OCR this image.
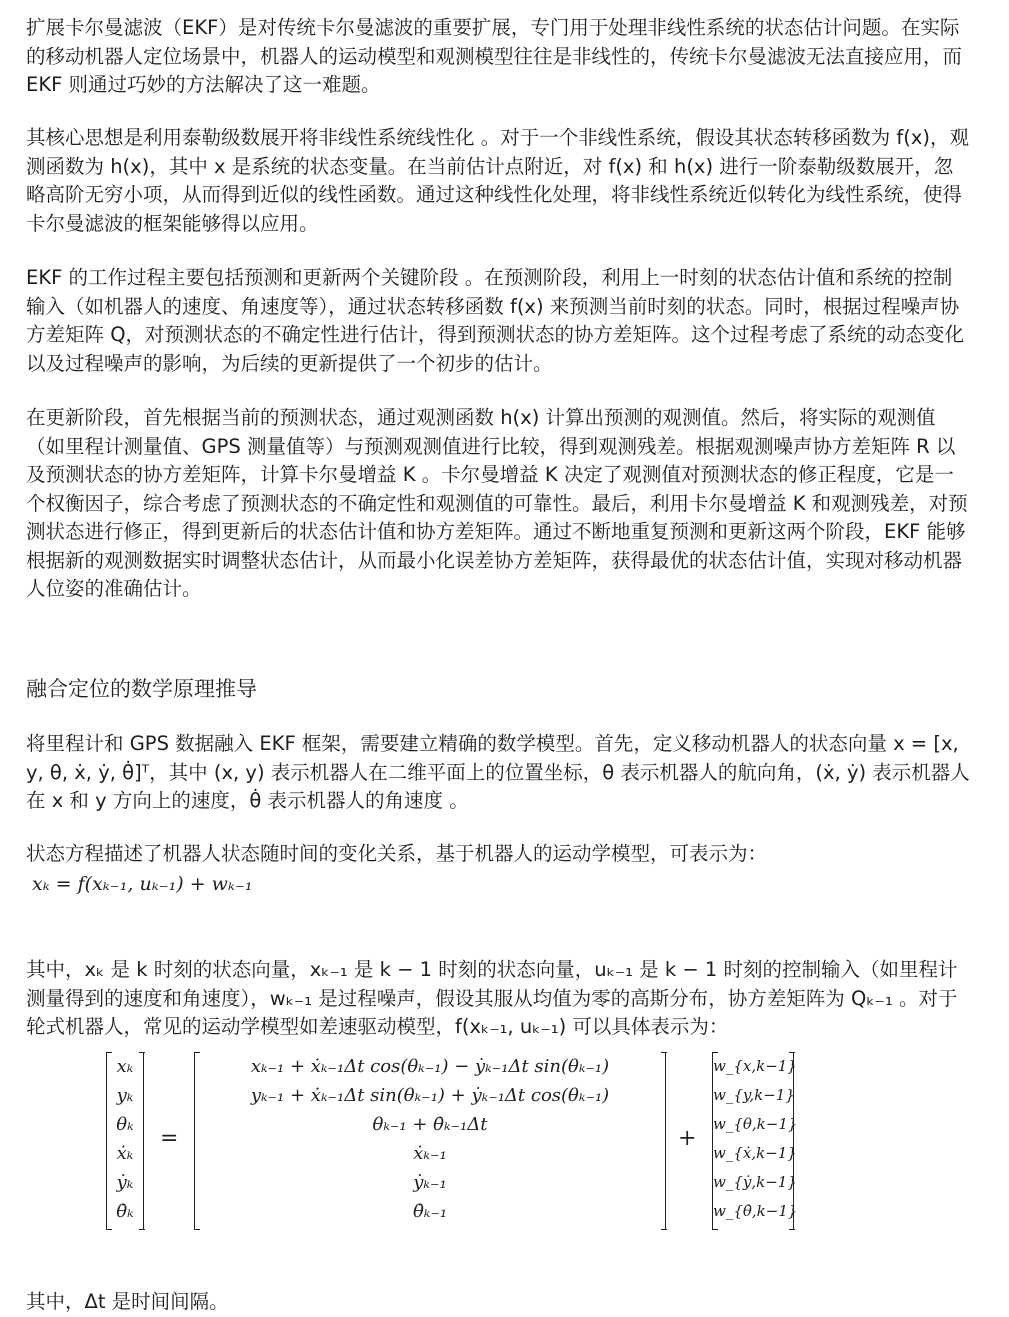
扩展卡尔曼滤波（EKF）是对传统卡尔曼滤波的重要扩展，专门用于处理非线性系统的状态估计问题。在实际的移动机器人定位场景中，机器人的运动模型和观测模型往往是非线性的，传统卡尔曼滤波无法直接应用，而 EKF 则通过巧妙的方法解决了这一难题。

其核心思想是利用泰勒级数展开将非线性系统线性化 。对于一个非线性系统，假设其状态转移函数为 f(x)，观测函数为 h(x)，其中 x 是系统的状态变量。在当前估计点附近，对 f(x) 和 h(x) 进行一阶泰勒级数展开，忽略高阶无穷小项，从而得到近似的线性函数。通过这种线性化处理，将非线性系统近似转化为线性系统，使得卡尔曼滤波的框架能够得以应用。

EKF 的工作过程主要包括预测和更新两个关键阶段 。在预测阶段，利用上一时刻的状态估计值和系统的控制输入（如机器人的速度、角速度等），通过状态转移函数 f(x) 来预测当前时刻的状态。同时，根据过程噪声协方差矩阵 Q，对预测状态的不确定性进行估计，得到预测状态的协方差矩阵。这个过程考虑了系统的动态变化以及过程噪声的影响，为后续的更新提供了一个初步的估计。

在更新阶段，首先根据当前的预测状态，通过观测函数 h(x) 计算出预测的观测值。然后，将实际的观测值（如里程计测量值、GPS 测量值等）与预测观测值进行比较，得到观测残差。根据观测噪声协方差矩阵 R 以及预测状态的协方差矩阵，计算卡尔曼增益 K 。卡尔曼增益 K 决定了观测值对预测状态的修正程度，它是一个权衡因子，综合考虑了预测状态的不确定性和观测值的可靠性。最后，利用卡尔曼增益 K 和观测残差，对预测状态进行修正，得到更新后的状态估计值和协方差矩阵。通过不断地重复预测和更新这两个阶段，EKF 能够根据新的观测数据实时调整状态估计，从而最小化误差协方差矩阵，获得最优的状态估计值，实现对移动机器人位姿的准确估计。

融合定位的数学原理推导

将里程计和 GPS 数据融入 EKF 框架，需要建立精确的数学模型。首先，定义移动机器人的状态向量 x = [x, y, θ, ẋ, ẏ, θ̇]ᵀ，其中 (x, y) 表示机器人在二维平面上的位置坐标，θ 表示机器人的航向角，(ẋ, ẏ) 表示机器人在 x 和 y 方向上的速度，θ̇ 表示机器人的角速度 。

状态方程描述了机器人状态随时间的变化关系，基于机器人的运动学模型，可表示为：

xₖ = f(xₖ₋₁, uₖ₋₁) + wₖ₋₁

其中，xₖ 是 k 时刻的状态向量，xₖ₋₁ 是 k − 1 时刻的状态向量，uₖ₋₁ 是 k − 1 时刻的控制输入（如里程计测量得到的速度和角速度），wₖ₋₁ 是过程噪声，假设其服从均值为零的高斯分布，协方差矩阵为 Qₖ₋₁ 。对于轮式机器人，常见的运动学模型如差速驱动模型，f(xₖ₋₁, uₖ₋₁) 可以具体表示为：

其中，Δt 是时间间隔。

xₖ
yₖ
θₖ
ẋₖ
ẏₖ
θ̇ₖ
=
xₖ₋₁ + ẋₖ₋₁Δt cos(θₖ₋₁) − ẏₖ₋₁Δt sin(θₖ₋₁)
yₖ₋₁ + ẋₖ₋₁Δt sin(θₖ₋₁) + ẏₖ₋₁Δt cos(θₖ₋₁)
θₖ₋₁ + θ̇ₖ₋₁Δt
ẋₖ₋₁
ẏₖ₋₁
θ̇ₖ₋₁
+
w_{x,k−1}
w_{y,k−1}
w_{θ,k−1}
w_{ẋ,k−1}
w_{ẏ,k−1}
w_{θ̇,k−1}
